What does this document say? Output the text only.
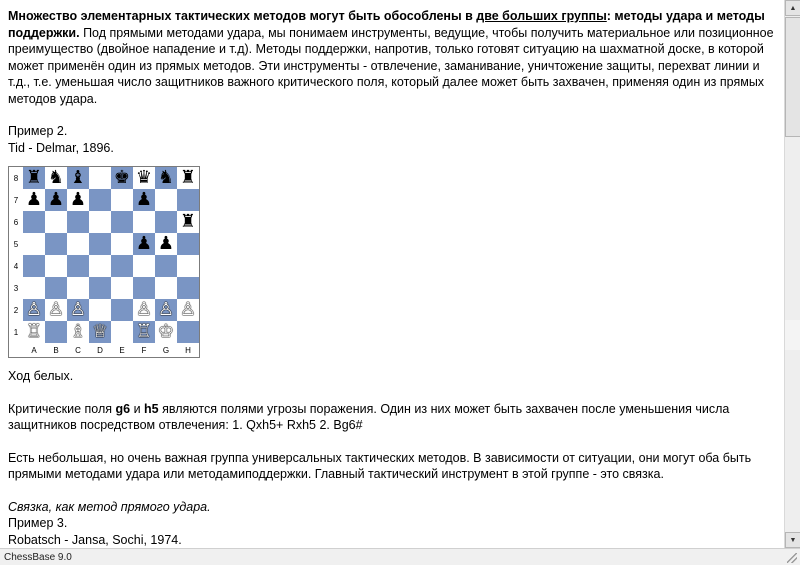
Множество элементарных тактических методов могут быть обособлены в две больших группы: методы удара и методы поддержки. Под прямыми методами удара, мы понимаем инструменты, ведущие, чтобы получить материальное или позиционное преимущество (двойное нападение и т.д). Методы поддержки, напротив, только готовят ситуацию на шахматной доске, в которой может применён один из прямых методов. Эти инструменты - отвлечение, заманивание, уничтожение защиты, перехват линии и т.д., т.е. уменьшая число защитников важного критического поля, который далее может быть захвачен, применяя один из прямых методов удара.

Пример 2.

Tid - Delmar, 1896.

8	♜	♞	♝		♚	♛	♞	♜
7	♟	♟	♟			♟		
6								♜
5						♟	♟	
4								
3								
2	♙	♙	♙			♙	♙	♙
1	♖		♗	♕		♖	♔	
	A	B	C	D	E	F	G	H

Ход белых.

Критические поля g6 и h5 являются полями угрозы поражения. Один из них может быть захвачен после уменьшения числа защитников посредством отвлечения: 1. Qxh5+ Rxh5 2. Bg6#

Есть небольшая, но очень важная группа универсальных тактических методов. В зависимости от ситуации, они могут оба быть прямыми методами удара или методамиподдержки. Главный тактический инструмент в этой группе - это связка.

Связка, как метод прямого удара.

Пример 3.

Robatsch - Jansa, Sochi, 1974.

▲
▼
ChessBase 9.0
